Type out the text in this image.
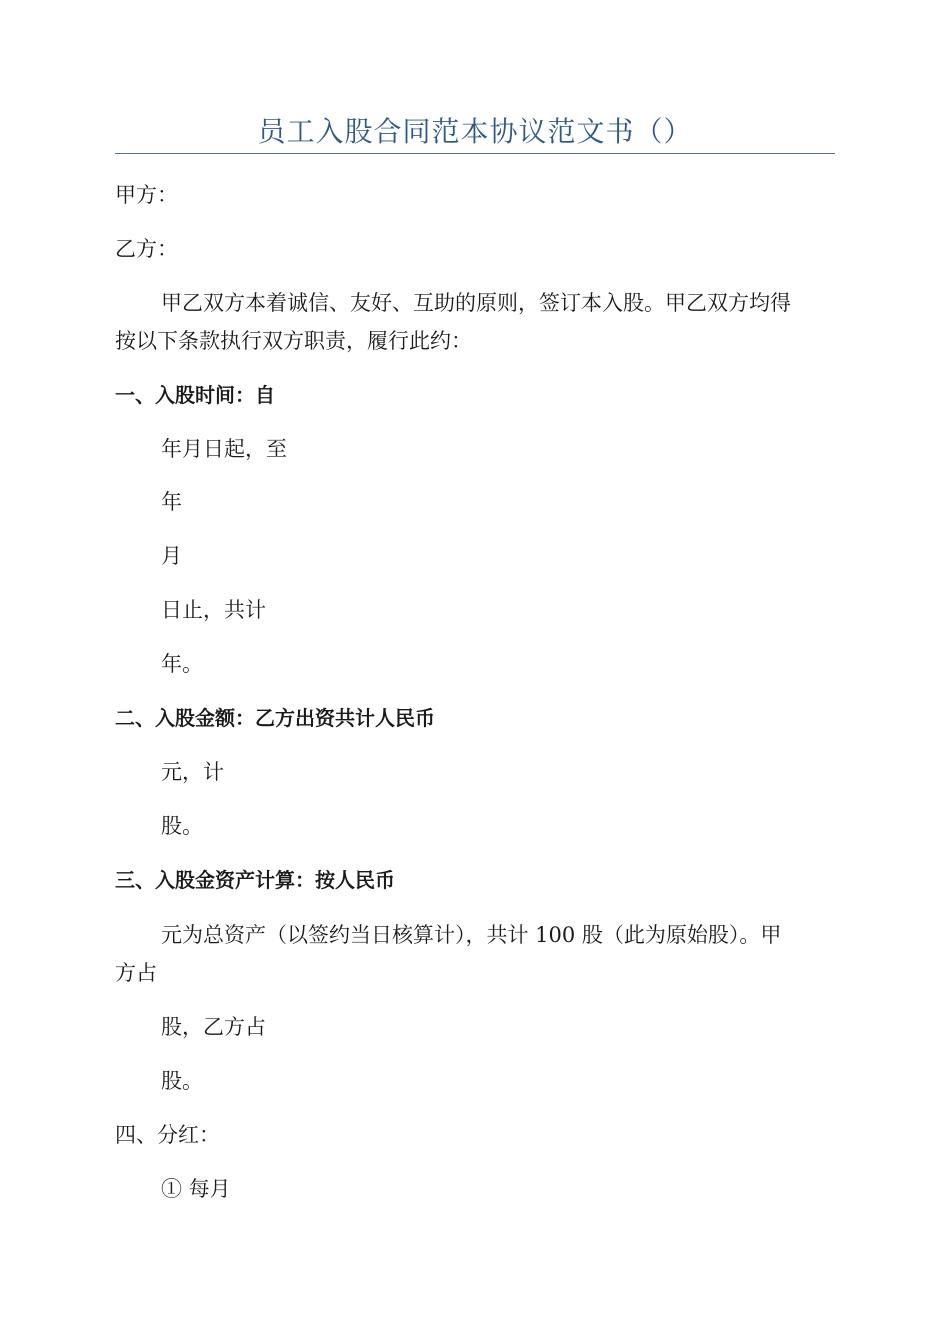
员工入股合同范本协议范文书（）
甲方：
乙方：
甲乙双方本着诚信、友好、互助的原则，签订本入股。甲乙双方均得
按以下条款执行双方职责，履行此约：
一、入股时间：自
年月日起，至
年
月
日止，共计
年。
二、入股金额：乙方出资共计人民币
元，计
股。
三、入股金资产计算：按人民币
元为总资产（以签约当日核算计），共计 100 股（此为原始股）。甲
方占
股，乙方占
股。
四、分红：
① 每月
